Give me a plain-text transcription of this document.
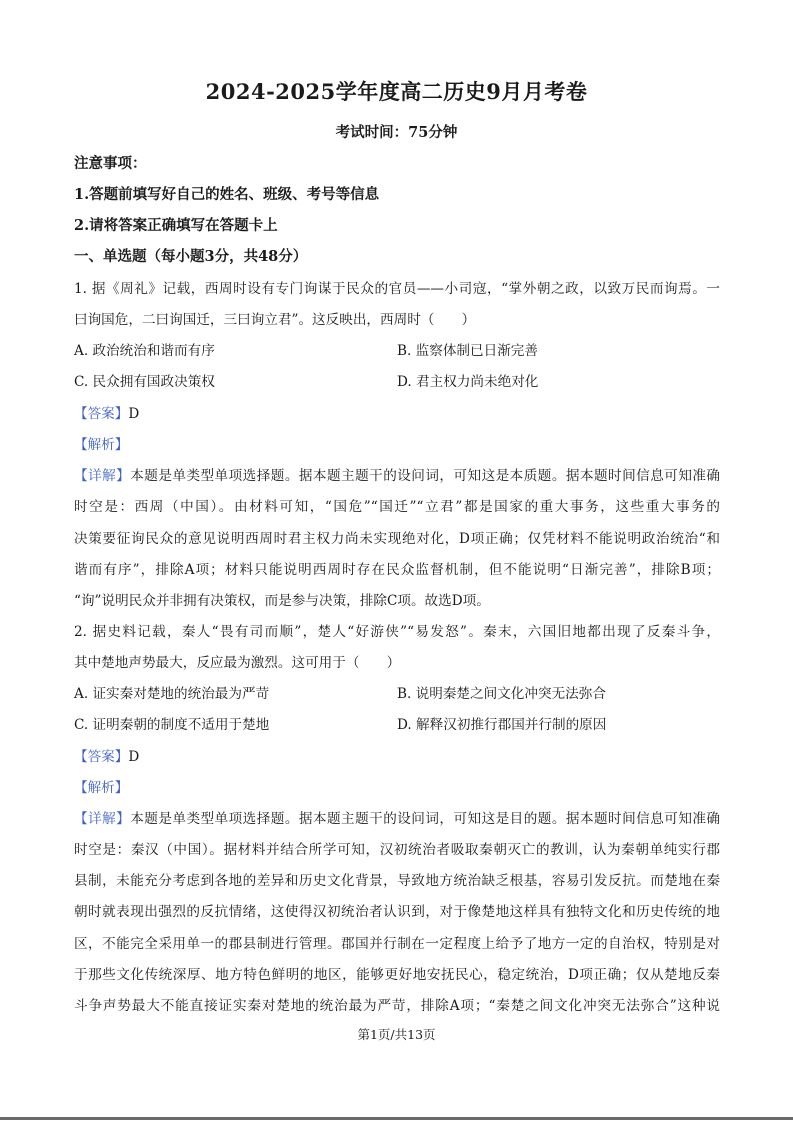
2024-2025学年度高二历史9月月考卷
考试时间：75分钟
注意事项：
1.答题前填写好自己的姓名、班级、考号等信息
2.请将答案正确填写在答题卡上
一、单选题（每小题3分，共48分）
1. 据《周礼》记载，西周时设有专门询谋于民众的官员——小司寇，“掌外朝之政，以致万民而询焉。一
曰询国危，二曰询国迁，三曰询立君”。这反映出，西周时（　　）
A. 政治统治和谐而有序	B. 监察体制已日渐完善
C. 民众拥有国政决策权	D. 君主权力尚未绝对化
【答案】D
【解析】
【详解】本题是单类型单项选择题。据本题主题干的设问词，可知这是本质题。据本题时间信息可知准确
时空是：西周（中国）。由材料可知，“国危”“国迁”“立君”都是国家的重大事务，这些重大事务的
决策要征询民众的意见说明西周时君主权力尚未实现绝对化，D项正确；仅凭材料不能说明政治统治“和
谐而有序”，排除A项；材料只能说明西周时存在民众监督机制，但不能说明“日渐完善”，排除B项；
“询”说明民众并非拥有决策权，而是参与决策，排除C项。故选D项。
2. 据史料记载，秦人“畏有司而顺”，楚人“好游侠”“易发怒”。秦末，六国旧地都出现了反秦斗争，
其中楚地声势最大，反应最为激烈。这可用于（　　）
A. 证实秦对楚地的统治最为严苛	B. 说明秦楚之间文化冲突无法弥合
C. 证明秦朝的制度不适用于楚地	D. 解释汉初推行郡国并行制的原因
【答案】D
【解析】
【详解】本题是单类型单项选择题。据本题主题干的设问词，可知这是目的题。据本题时间信息可知准确
时空是：秦汉（中国）。据材料并结合所学可知，汉初统治者吸取秦朝灭亡的教训，认为秦朝单纯实行郡
县制，未能充分考虑到各地的差异和历史文化背景，导致地方统治缺乏根基，容易引发反抗。而楚地在秦
朝时就表现出强烈的反抗情绪，这使得汉初统治者认识到，对于像楚地这样具有独特文化和历史传统的地
区，不能完全采用单一的郡县制进行管理。郡国并行制在一定程度上给予了地方一定的自治权，特别是对
于那些文化传统深厚、地方特色鲜明的地区，能够更好地安抚民心，稳定统治，D项正确；仅从楚地反秦
斗争声势最大不能直接证实秦对楚地的统治最为严苛，排除A项；“秦楚之间文化冲突无法弥合”这种说
第1页/共13页
